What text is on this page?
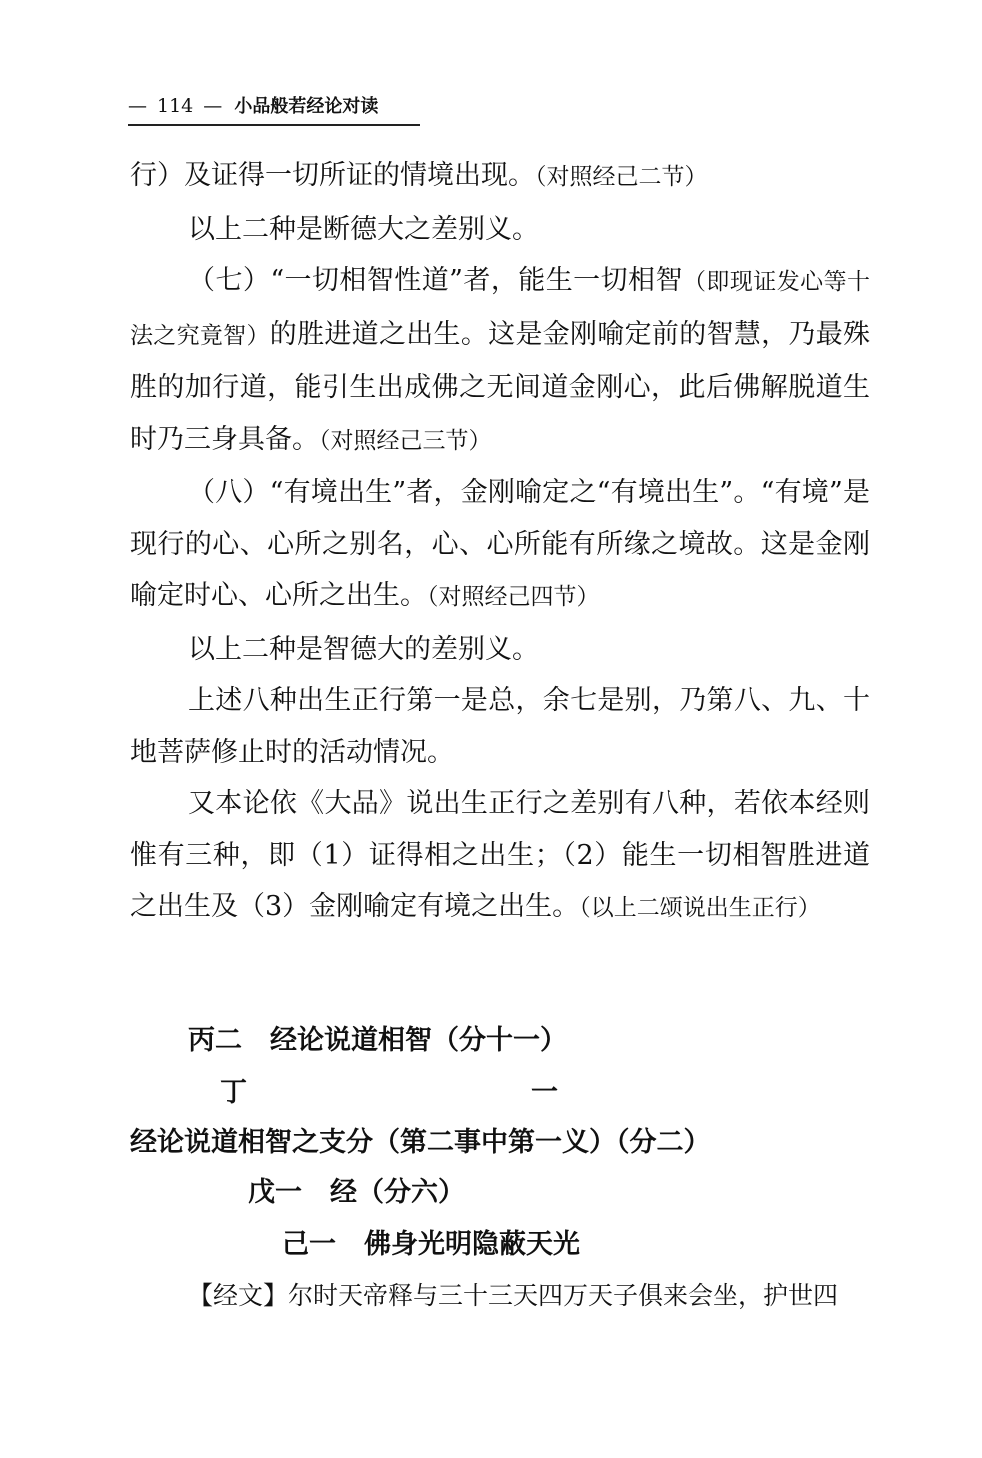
— 114 — 小品般若经论对读

行）及证得一切所证的情境出现。（对照经己二节）

以上二种是断德大之差别义。

（七）“一切相智性道”者，能生一切相智（即现证发心等十法之究竟智）的胜进道之出生。这是金刚喻定前的智慧，乃最殊胜的加行道，能引生出成佛之无间道金刚心，此后佛解脱道生时乃三身具备。（对照经己三节）

（八）“有境出生”者，金刚喻定之“有境出生”。“有境”是现行的心、心所之别名，心、心所能有所缘之境故。这是金刚喻定时心、心所之出生。（对照经己四节）

以上二种是智德大的差别义。

上述八种出生正行第一是总，余七是别，乃第八、九、十地菩萨修止时的活动情况。

又本论依《大品》说出生正行之差别有八种，若依本经则惟有三种，即（1）证得相之出生；（2）能生一切相智胜进道之出生及（3）金刚喻定有境之出生。（以上二颂说出生正行）

丙二 经论说道相智（分十一）
丁一经论说道相智之支分（第二事中第一义）（分二）
戊一 经（分六）
己一 佛身光明隐蔽天光
【经文】尔时天帝释与三十三天四万天子俱来会坐，护世四
